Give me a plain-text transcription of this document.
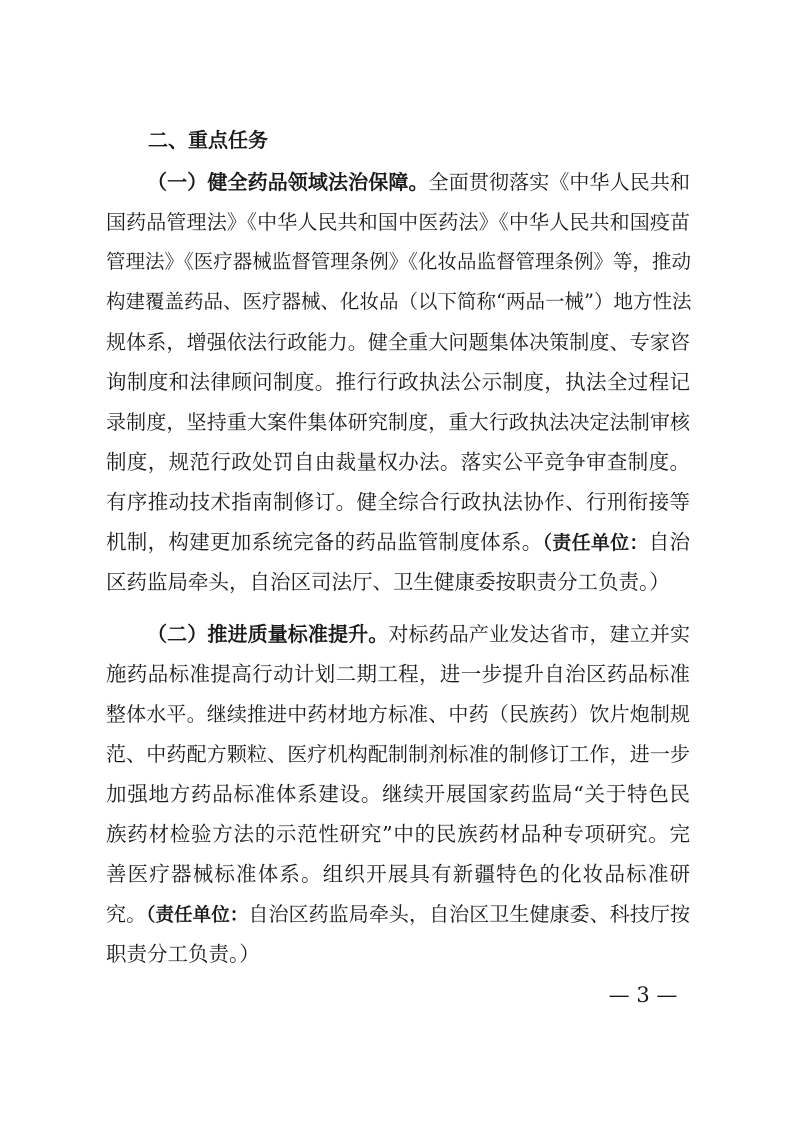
二、重点任务

（一）健全药品领域法治保障。全面贯彻落实《中华人民共和

国药品管理法》《中华人民共和国中医药法》《中华人民共和国疫苗

管理法》《医疗器械监督管理条例》《化妆品监督管理条例》等，推动

构建覆盖药品、医疗器械、化妆品（以下简称“两品一械”）地方性法

规体系，增强依法行政能力。健全重大问题集体决策制度、专家咨

询制度和法律顾问制度。推行行政执法公示制度，执法全过程记

录制度，坚持重大案件集体研究制度，重大行政执法决定法制审核

制度，规范行政处罚自由裁量权办法。落实公平竞争审查制度。

有序推动技术指南制修订。健全综合行政执法协作、行刑衔接等

机制，构建更加系统完备的药品监管制度体系。（责任单位：自治

区药监局牵头，自治区司法厅、卫生健康委按职责分工负责。）

（二）推进质量标准提升。对标药品产业发达省市，建立并实

施药品标准提高行动计划二期工程，进一步提升自治区药品标准

整体水平。继续推进中药材地方标准、中药（民族药）饮片炮制规

范、中药配方颗粒、医疗机构配制制剂标准的制修订工作，进一步

加强地方药品标准体系建设。继续开展国家药监局“关于特色民

族药材检验方法的示范性研究”中的民族药材品种专项研究。完

善医疗器械标准体系。组织开展具有新疆特色的化妆品标准研

究。（责任单位：自治区药监局牵头，自治区卫生健康委、科技厅按

职责分工负责。）

— 3 —
